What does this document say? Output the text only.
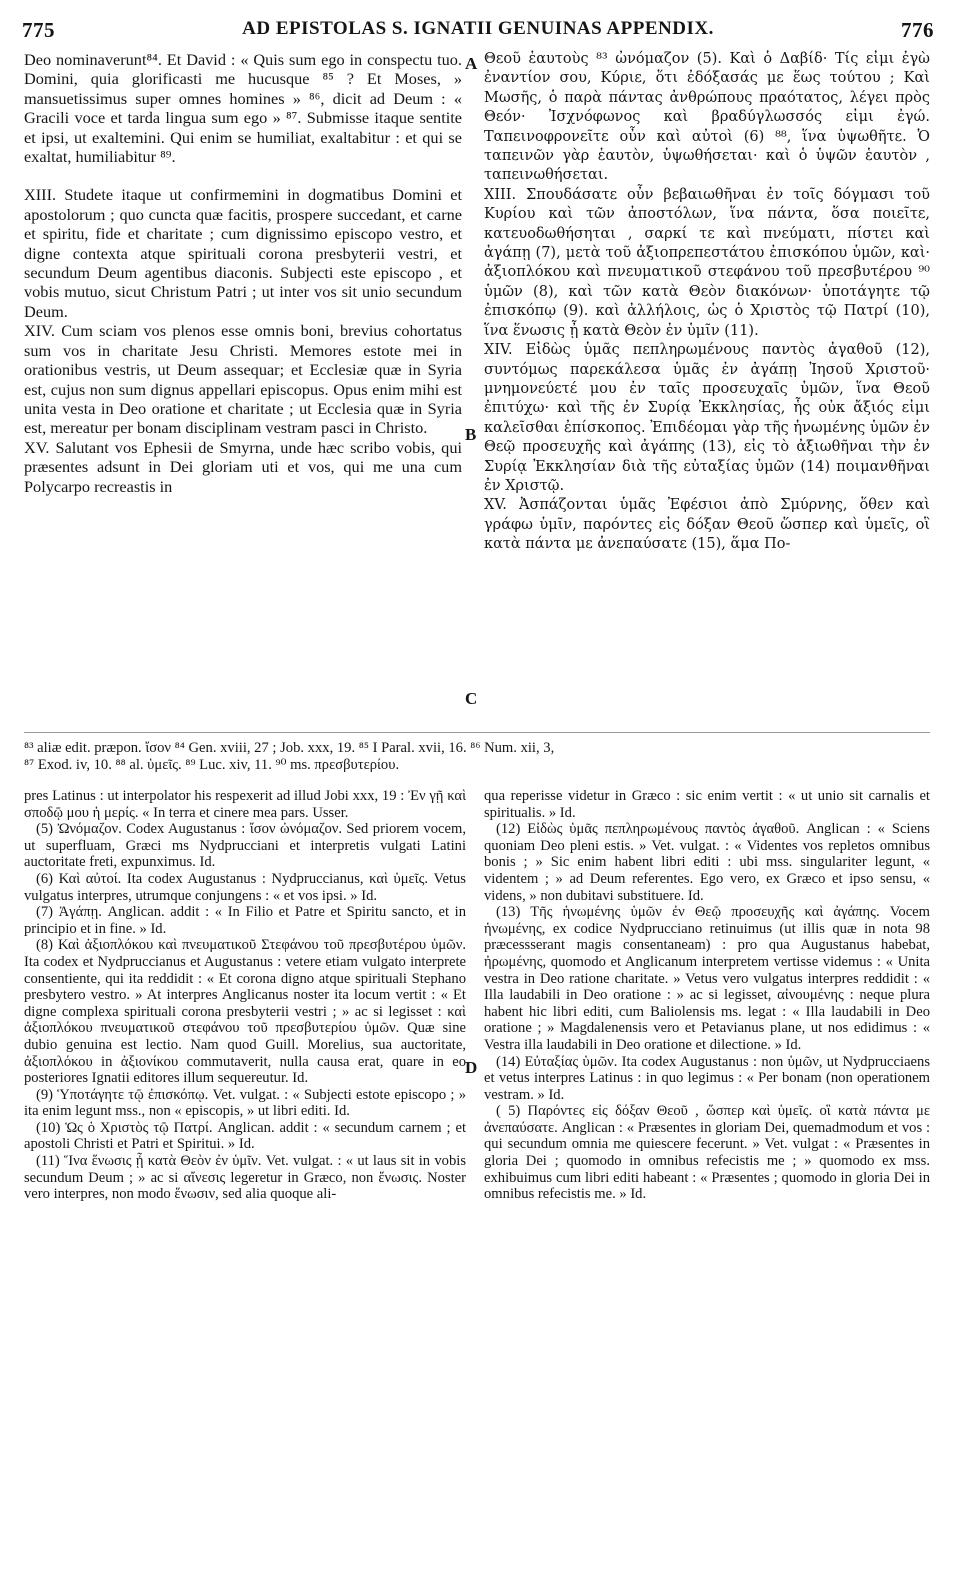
775	AD EPISTOLAS S. IGNATII GENUINAS APPENDIX.	776

Deo nominaverunt⁸⁴. Et David : « Quis sum ego in conspectu tuo. Domini, quia glorificasti me hucusque ⁸⁵ ? Et Moses, » mansuetissimus super omnes homines » ⁸⁶, dicit ad Deum : « Gracili voce et tarda lingua sum ego » ⁸⁷. Submisse itaque sentite et ipsi, ut exaltemini. Qui enim se humiliat, exaltabitur : et qui se exaltat, humiliabitur ⁸⁹.

XIII. Studete itaque ut confirmemini in dogmatibus Domini et apostolorum ; quo cuncta quæ facitis, prospere succedant, et carne et spiritu, fide et charitate ; cum dignissimo episcopo vestro, et digne contexta atque spirituali corona presbyterii vestri, et secundum Deum agentibus diaconis. Subjecti este episcopo , et vobis mutuo, sicut Christum Patri ; ut inter vos sit unio secundum Deum.

XIV. Cum sciam vos plenos esse omnis boni, brevius cohortatus sum vos in charitate Jesu Christi. Memores estote mei in orationibus vestris, ut Deum assequar; et Ecclesiæ quæ in Syria est, cujus non sum dignus appellari episcopus. Opus enim mihi est unita vesta in Deo oratione et charitate ; ut Ecclesia quæ in Syria est, mereatur per bonam disciplinam vestram pasci in Christo.

XV. Salutant vos Ephesii de Smyrna, unde hæc scribo vobis, qui præsentes adsunt in Dei gloriam uti et vos, qui me una cum Polycarpo recreastis in

Θεοῦ ἑαυτοὺς ⁸³ ὠνόμαζον (5). Καὶ ὁ Δαβίδ· Τίς εἰμι ἐγὼ ἐναντίον σου, Κύριε, ὅτι ἐδόξασάς με ἕως τούτου ; Καὶ Μωσῆς, ὁ παρὰ πάντας ἀνθρώπους πραότατος, λέγει πρὸς Θεόν· Ἰσχνόφωνος καὶ βραδύγλωσσός εἰμι ἐγώ. Ταπεινοφρονεῖτε οὖν καὶ αὐτοὶ (6) ⁸⁸, ἵνα ὑψωθῆτε. Ὁ ταπεινῶν γὰρ ἑαυτὸν, ὑψωθήσεται· καὶ ὁ ὑψῶν ἑαυτὸν , ταπεινωθήσεται.

XIII. Σπουδάσατε οὖν βεβαιωθῆναι ἐν τοῖς δόγμασι τοῦ Κυρίου καὶ τῶν ἀποστόλων, ἵνα πάντα, ὅσα ποιεῖτε, κατευοδωθήσηται , σαρκί τε καὶ πνεύματι, πίστει καὶ ἀγάπῃ (7), μετὰ τοῦ ἀξιοπρεπεστάτου ἐπισκόπου ὑμῶν, καὶ· ἀξιοπλόκου καὶ πνευματικοῦ στεφάνου τοῦ πρεσβυτέρου ⁹⁰ ὑμῶν (8), καὶ τῶν κατὰ Θεὸν διακόνων· ὑποτάγητε τῷ ἐπισκόπῳ (9). καὶ ἀλλήλοις, ὡς ὁ Χριστὸς τῷ Πατρί (10), ἵνα ἕνωσις ᾖ κατὰ Θεὸν ἐν ὑμῖν (11).

XIV. Εἰδὼς ὑμᾶς πεπληρωμένους παντὸς ἀγαθοῦ (12), συντόμως παρεκάλεσα ὑμᾶς ἐν ἀγάπῃ Ἰησοῦ Χριστοῦ· μνημονεύετέ μου ἐν ταῖς προσευχαῖς ὑμῶν, ἵνα Θεοῦ ἐπιτύχω· καὶ τῆς ἐν Συρίᾳ Ἐκκλησίας, ἧς οὐκ ἄξιός εἰμι καλεῖσθαι ἐπίσκοπος. Ἐπιδέομαι γὰρ τῆς ἡνωμένης ὑμῶν ἐν Θεῷ προσευχῆς καὶ ἀγάπης (13), εἰς τὸ ἀξιωθῆναι τὴν ἐν Συρίᾳ Ἐκκλησίαν διὰ τῆς εὐταξίας ὑμῶν (14) ποιμανθῆναι ἐν Χριστῷ.

XV. Ἀσπάζονται ὑμᾶς Ἐφέσιοι ἀπὸ Σμύρνης, ὅθεν καὶ γράφω ὑμῖν, παρόντες εἰς δόξαν Θεοῦ ὥσπερ καὶ ὑμεῖς, οἳ κατὰ πάντα με ἀνεπαύσατε (15), ἅμα Πο-

A
B
C
D
⁸³ aliæ edit. præpon. ἴσον ⁸⁴ Gen. xviii, 27 ; Job. xxx, 19. ⁸⁵ I Paral. xvii, 16. ⁸⁶ Num. xii, 3,
⁸⁷ Exod. iv, 10. ⁸⁸ al. ὑμεῖς. ⁸⁹ Luc. xiv, 11. ⁹⁰ ms. πρεσβυτερίου.

pres Latinus : ut interpolator his respexerit ad illud Jobi xxx, 19 : Ἐν γῇ καὶ σποδῷ μου ἡ μερίς. « In terra et cinere mea pars. Usser.

(5) Ὠνόμαζον. Codex Augustanus : ἴσον ὠνόμαζον. Sed priorem vocem, ut superfluam, Græci ms Nydprucciani et interpretis vulgati Latini auctoritate freti, expunximus. Id.

(6) Καὶ αὐτοί. Ita codex Augustanus : Nydpruccianus, καὶ ὑμεῖς. Vetus vulgatus interpres, utrumque conjungens : « et vos ipsi. » Id.

(7) Ἀγάπῃ. Anglican. addit : « In Filio et Patre et Spiritu sancto, et in principio et in fine. » Id.

(8) Καὶ ἀξιοπλόκου καὶ πνευματικοῦ Στεφάνου τοῦ πρεσβυτέρου ὑμῶν. Ita codex et Nydpruccianus et Augustanus : vetere etiam vulgato interprete consentiente, qui ita reddidit : « Et corona digno atque spirituali Stephano presbytero vestro. » At interpres Anglicanus noster ita locum vertit : « Et digne complexa spirituali corona presbyterii vestri ; » ac si legisset : καὶ ἀξιοπλόκου πνευματικοῦ στεφάνου τοῦ πρεσβυτερίου ὑμῶν. Quæ sine dubio genuina est lectio. Nam quod Guill. Morelius, sua auctoritate, ἀξιοπλόκου in ἀξιονίκου commutaverit, nulla causa erat, quare in eo posteriores Ignatii editores illum sequereutur. Id.

(9) Ὑποτάγητε τῷ ἐπισκόπῳ. Vet. vulgat. : « Subjecti estote episcopo ; » ita enim legunt mss., non « episcopis, » ut libri editi. Id.

(10) Ὡς ὁ Χριστὸς τῷ Πατρί. Anglican. addit : « secundum carnem ; et apostoli Christi et Patri et Spiritui. » Id.

(11) Ἵνα ἕνωσις ᾖ κατὰ Θεὸν ἐν ὑμῖν. Vet. vulgat. : « ut laus sit in vobis secundum Deum ; » ac si αἴνεσις legeretur in Græco, non ἕνωσις. Noster vero interpres, non modo ἕνωσιν, sed alia quoque ali-

qua reperisse videtur in Græco : sic enim vertit : « ut unio sit carnalis et spiritualis. » Id.

(12) Εἰδὼς ὑμᾶς πεπληρωμένους παντὸς ἀγαθοῦ. Anglican : « Sciens quoniam Deo pleni estis. » Vet. vulgat. : « Videntes vos repletos omnibus bonis ; » Sic enim habent libri editi : ubi mss. singulariter legunt, « videntem ; » ad Deum referentes. Ego vero, ex Græco et ipso sensu, « videns, » non dubitavi substituere. Id.

(13) Τῆς ἡνωμένης ὑμῶν ἐν Θεῷ προσευχῆς καὶ ἀγάπης. Vocem ἡνωμένης, ex codice Nydprucciano retinuimus (ut illis quæ in nota 98 præcessserant magis consentaneam) : pro qua Augustanus habebat, ἠρωμένης, quomodo et Anglicanum interpretem vertisse videmus : « Unita vestra in Deo ratione charitate. » Vetus vero vulgatus interpres reddidit : « Illa laudabili in Deo oratione : » ac si legisset, αἰνουμένης : neque plura habent hic libri editi, cum Baliolensis ms. legat : « Illa laudabili in Deo oratione ; » Magdalenensis vero et Petavianus plane, ut nos edidimus : « Vestra illa laudabili in Deo oratione et dilectione. » Id.

(14) Εὐταξίας ὑμῶν. Ita codex Augustanus : non ὑμῶν, ut Nydprucciaens et vetus interpres Latinus : in quo legimus : « Per bonam (non operationem vestram. » Id.

( 5) Παρόντες εἰς δόξαν Θεοῦ , ὥσπερ καὶ ὑμεῖς. οἳ κατὰ πάντα με ἀνεπαύσατε. Anglican : « Præsentes in gloriam Dei, quemadmodum et vos : qui secundum omnia me quiescere fecerunt. » Vet. vulgat : « Præsentes in gloria Dei ; quomodo in omnibus refecistis me ; » quomodo ex mss. exhibuimus cum libri editi habeant : « Præsentes ; quomodo in gloria Dei in omnibus refecistis me. » Id.
